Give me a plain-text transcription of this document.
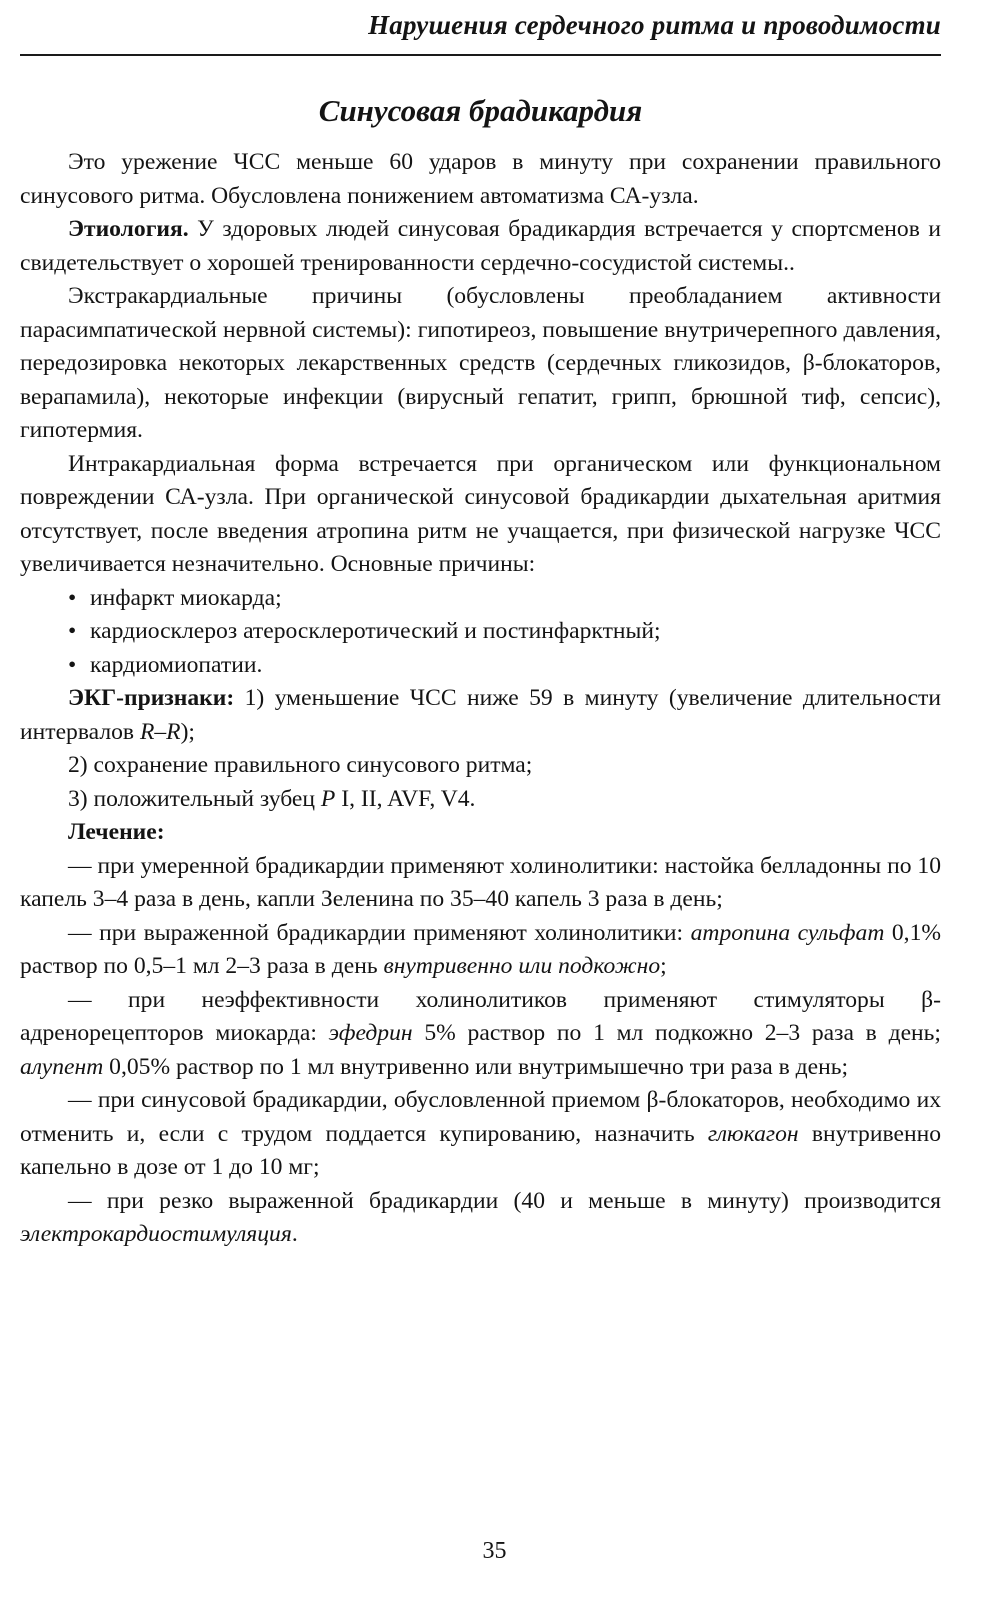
Нарушения сердечного ритма и проводимости
Синусовая брадикардия

Это урежение ЧСС меньше 60 ударов в минуту при сохранении правильного синусового ритма. Обусловлена понижением автоматизма СА-узла.

Этиология. У здоровых людей синусовая брадикардия встречается у спортсменов и свидетельствует о хорошей тренированности сердечно-сосудистой системы..

Экстракардиальные причины (обусловлены преобладанием активности парасимпатической нервной системы): гипотиреоз, повышение внутричерепного давления, передозировка некоторых лекарственных средств (сердечных гликозидов, β-блокаторов, верапамила), некоторые инфекции (вирусный гепатит, грипп, брюшной тиф, сепсис), гипотермия.

Интракардиальная форма встречается при органическом или функциональном повреждении СА-узла. При органической синусовой брадикардии дыхательная аритмия отсутствует, после введения атропина ритм не учащается, при физической нагрузке ЧСС увеличивается незначительно. Основные причины:

• инфаркт миокарда;
• кардиосклероз атеросклеротический и постинфарктный;
• кардиомиопатии.

ЭКГ-признаки: 1) уменьшение ЧСС ниже 59 в минуту (увеличение длительности интервалов R–R);

2) сохранение правильного синусового ритма;

3) положительный зубец P I, II, AVF, V4.

Лечение:

— при умеренной брадикардии применяют холинолитики: настойка белладонны по 10 капель 3–4 раза в день, капли Зеленина по 35–40 капель 3 раза в день;

— при выраженной брадикардии применяют холинолитики: атропина сульфат 0,1% раствор по 0,5–1 мл 2–3 раза в день внутривенно или подкожно;

— при неэффективности холинолитиков применяют стимуляторы β-адренорецепторов миокарда: эфедрин 5% раствор по 1 мл подкожно 2–3 раза в день; алупент 0,05% раствор по 1 мл внутривенно или внутримышечно три раза в день;

— при синусовой брадикардии, обусловленной приемом β-блокаторов, необходимо их отменить и, если с трудом поддается купированию, назначить глюкагон внутривенно капельно в дозе от 1 до 10 мг;

— при резко выраженной брадикардии (40 и меньше в минуту) производится электрокардиостимуляция.

35
